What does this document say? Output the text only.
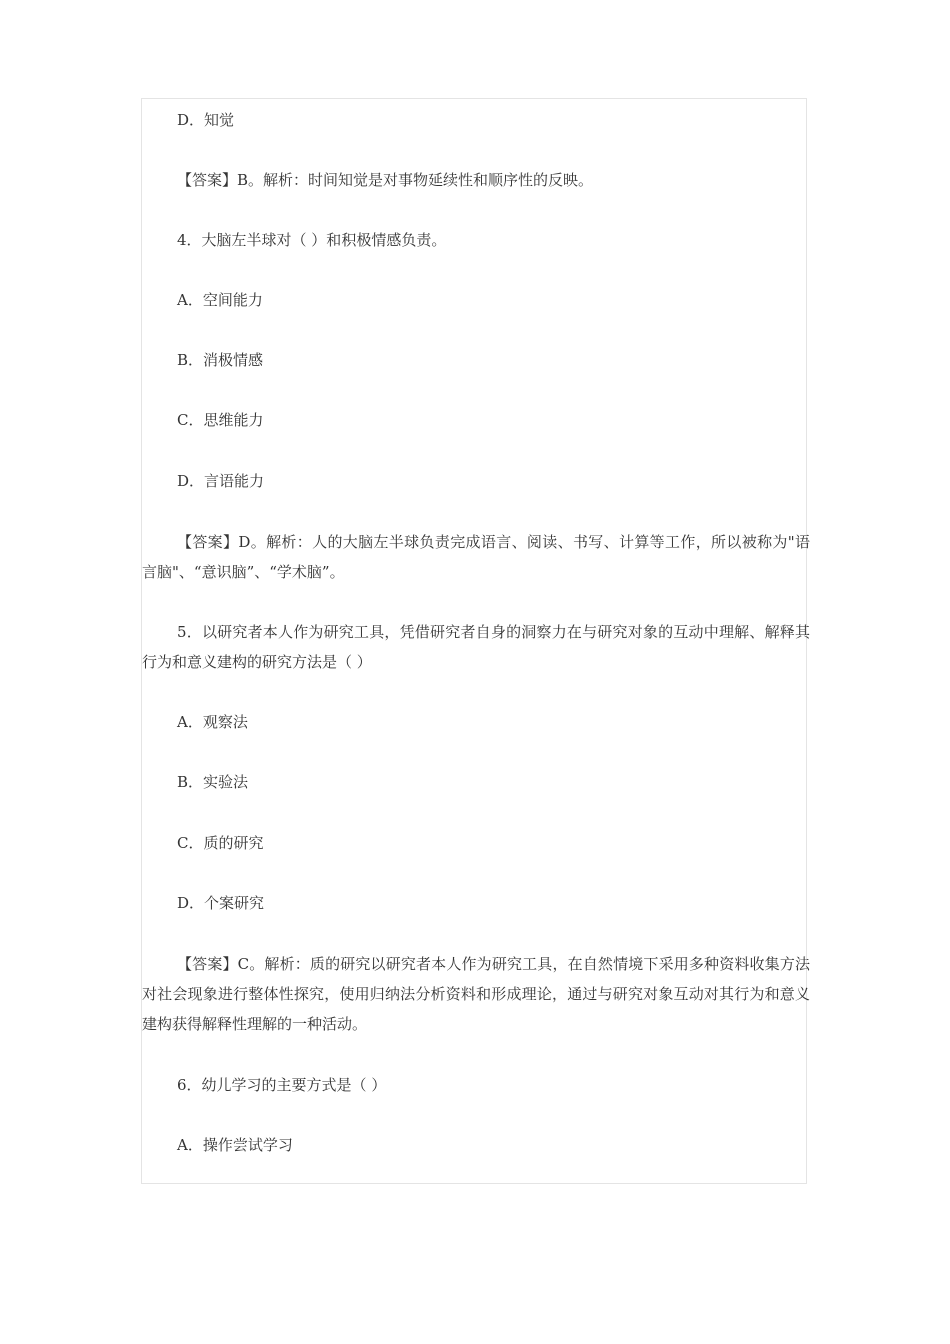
D．知觉
【答案】B。解析：时间知觉是对事物延续性和顺序性的反映。
4．大脑左半球对（ ）和积极情感负责。
A．空间能力
B．消极情感
C．思维能力
D．言语能力
【答案】D。解析：人的大脑左半球负责完成语言、阅读、书写、计算等工作，所以被称为"语言脑"、“意识脑”、“学术脑”。
5．以研究者本人作为研究工具，凭借研究者自身的洞察力在与研究对象的互动中理解、解释其行为和意义建构的研究方法是（ ）
A．观察法
B．实验法
C．质的研究
D．个案研究
【答案】C。解析：质的研究以研究者本人作为研究工具，在自然情境下采用多种资料收集方法对社会现象进行整体性探究，使用归纳法分析资料和形成理论，通过与研究对象互动对其行为和意义建构获得解释性理解的一种活动。
6．幼儿学习的主要方式是（ ）
A．操作尝试学习
